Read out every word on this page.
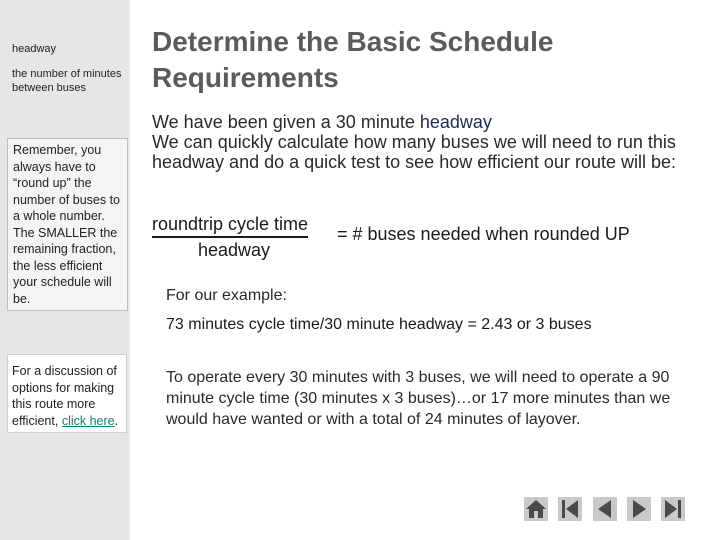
headway
the number of minutes between buses
Remember, you always have to “round up” the number of buses to a whole number. The SMALLER the remaining fraction, the less efficient your schedule will be.
For a discussion of options for making this route more efficient, click here.
Determine the Basic Schedule Requirements
We have been given a 30 minute headway
We can quickly calculate how many buses we will need to run this headway and do a quick test to see how efficient our route will be:
roundtrip cycle time = # buses needed when rounded UP
headway
For our example:
73 minutes cycle time/30 minute headway = 2.43 or 3 buses
To operate every 30 minutes with 3 buses, we will need to operate a 90 minute cycle time (30 minutes x 3 buses)…or 17 more minutes than we would have wanted or with a total of 24 minutes of layover.
